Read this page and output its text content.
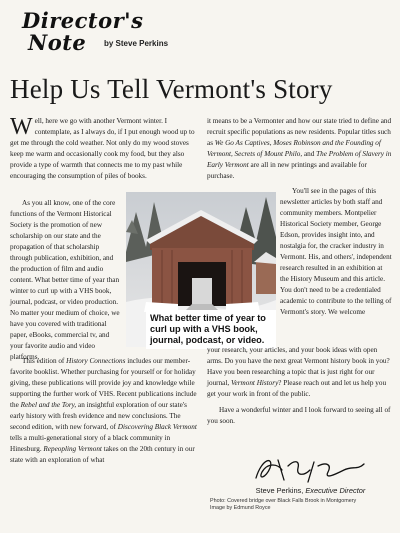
Director's
Note	by Steve Perkins
Help Us Tell Vermont's Story

Well, here we go with another Vermont winter. I contemplate, as I always do, if I put enough wood up to get me through the cold weather. Not only do my wood stoves keep me warm and occasionally cook my food, but they also provide a type of warmth that connects me to my past while encouraging the consumption of piles of books.

As you all know, one of the core functions of the Vermont Historical Society is the promotion of new scholarship on our state and the propagation of that scholarship through publication, exhibition, and the production of film and audio content. What better time of year than winter to curl up with a VHS book, journal, podcast, or video production. No matter your medium of choice, we have you covered with traditional paper, eBooks, commercial tv, and your favorite audio and video platforms.

What better time of year to curl up with a VHS book, journal, podcast, or video.

This edition of History Connections includes our member-favorite booklist. Whether purchasing for yourself or for holiday giving, these publications will provide joy and knowledge while supporting the further work of VHS. Recent publications include the Rebel and the Tory, an insightful exploration of our state's early history with fresh evidence and new conclusions. The second edition, with new forward, of Discovering Black Vermont tells a multi-generational story of a black community in Hinesburg. Repeopling Vermont takes on the 20th century in our state with an exploration of what

it means to be a Vermonter and how our state tried to define and recruit specific populations as new residents. Popular titles such as We Go As Captives, Moses Robinson and the Founding of Vermont, Secrets of Mount Philo, and The Problem of Slavery in Early Vermont are all in new printings and available for purchase.

You'll see in the pages of this newsletter articles by both staff and community members. Montpelier Historical Society member, George Edson, provides insight into, and nostalgia for, the cracker industry in Vermont. His, and others', independent research resulted in an exhibition at the History Museum and this article. You don't need to be a credentialed academic to contribute to the telling of Vermont's story. We welcome

your research, your articles, and your book ideas with open arms. Do you have the next great Vermont history book in you? Have you been researching a topic that is just right for our journal, Vermont History? Please reach out and let us help you get your work in front of the public.

Have a wonderful winter and I look forward to seeing all of you soon.

Steve Perkins, Executive Director
Photo: Covered bridge over Black Falls Brook in Montgomery
Image by Edmund Royce
